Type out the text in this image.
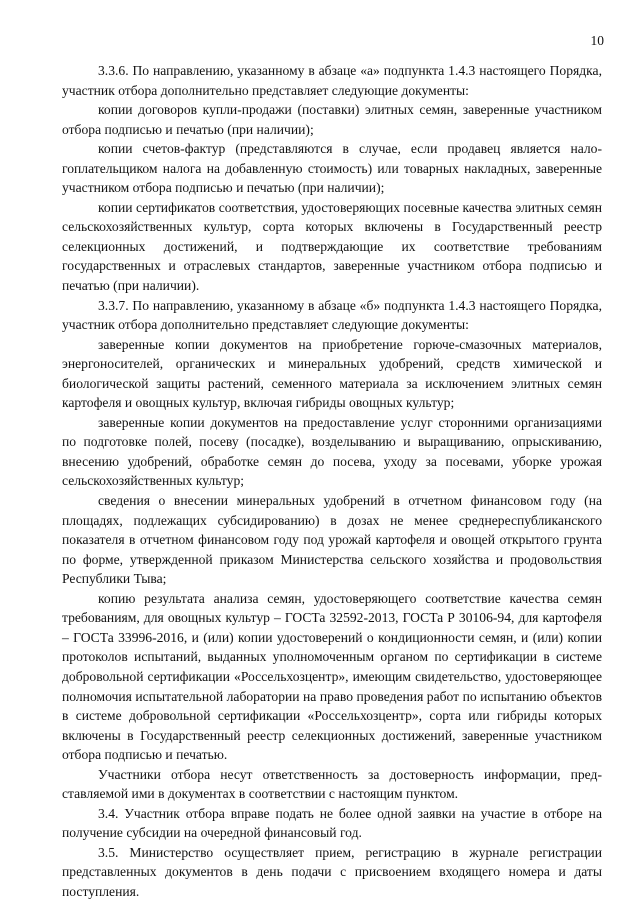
10

3.3.6. По направлению, указанному в абзаце «а» подпункта 1.4.3 настоящего Порядка, участник отбора дополнительно представляет следующие документы:

копии договоров купли-продажи (поставки) элитных семян, заверенные участником отбора подписью и печатью (при наличии);

копии счетов-фактур (представляются в случае, если продавец является налогоплательщиком налога на добавленную стоимость) или товарных накладных, заверенные участником отбора подписью и печатью (при наличии);

копии сертификатов соответствия, удостоверяющих посевные качества элитных семян сельскохозяйственных культур, сорта которых включены в Государственный реестр селекционных достижений, и подтверждающие их соответствие требованиям государственных и отраслевых стандартов, заверенные участником отбора подписью и печатью (при наличии).

3.3.7. По направлению, указанному в абзаце «б» подпункта 1.4.3 настоящего Порядка, участник отбора дополнительно представляет следующие документы:

заверенные копии документов на приобретение горюче-смазочных материалов, энергоносителей, органических и минеральных удобрений, средств химической и биологической защиты растений, семенного материала за исключением элитных семян картофеля и овощных культур, включая гибриды овощных культур;

заверенные копии документов на предоставление услуг сторонними организациями по подготовке полей, посеву (посадке), возделыванию и выращиванию, опрыскиванию, внесению удобрений, обработке семян до посева, уходу за посевами, уборке урожая сельскохозяйственных культур;

сведения о внесении минеральных удобрений в отчетном финансовом году (на площадях, подлежащих субсидированию) в дозах не менее среднереспубликанского показателя в отчетном финансовом году под урожай картофеля и овощей открытого грунта по форме, утвержденной приказом Министерства сельского хозяйства и продовольствия Республики Тыва;

копию результата анализа семян, удостоверяющего соответствие качества семян требованиям, для овощных культур – ГОСТа 32592-2013, ГОСТа Р 30106-94, для картофеля – ГОСТа 33996-2016, и (или) копии удостоверений о кондиционности семян, и (или) копии протоколов испытаний, выданных уполномоченным органом по сертификации в системе добровольной сертификации «Россельхозцентр», имеющим свидетельство, удостоверяющее полномочия испытательной лаборатории на право проведения работ по испытанию объектов в системе добровольной сертификации «Россельхозцентр», сорта или гибриды которых включены в Государственный реестр селекционных достижений, заверенные участником отбора подписью и печатью.

Участники отбора несут ответственность за достоверность информации, представляемой ими в документах в соответствии с настоящим пунктом.

3.4. Участник отбора вправе подать не более одной заявки на участие в отборе на получение субсидии на очередной финансовый год.

3.5. Министерство осуществляет прием, регистрацию в журнале регистрации представленных документов в день подачи с присвоением входящего номера и даты поступления.
